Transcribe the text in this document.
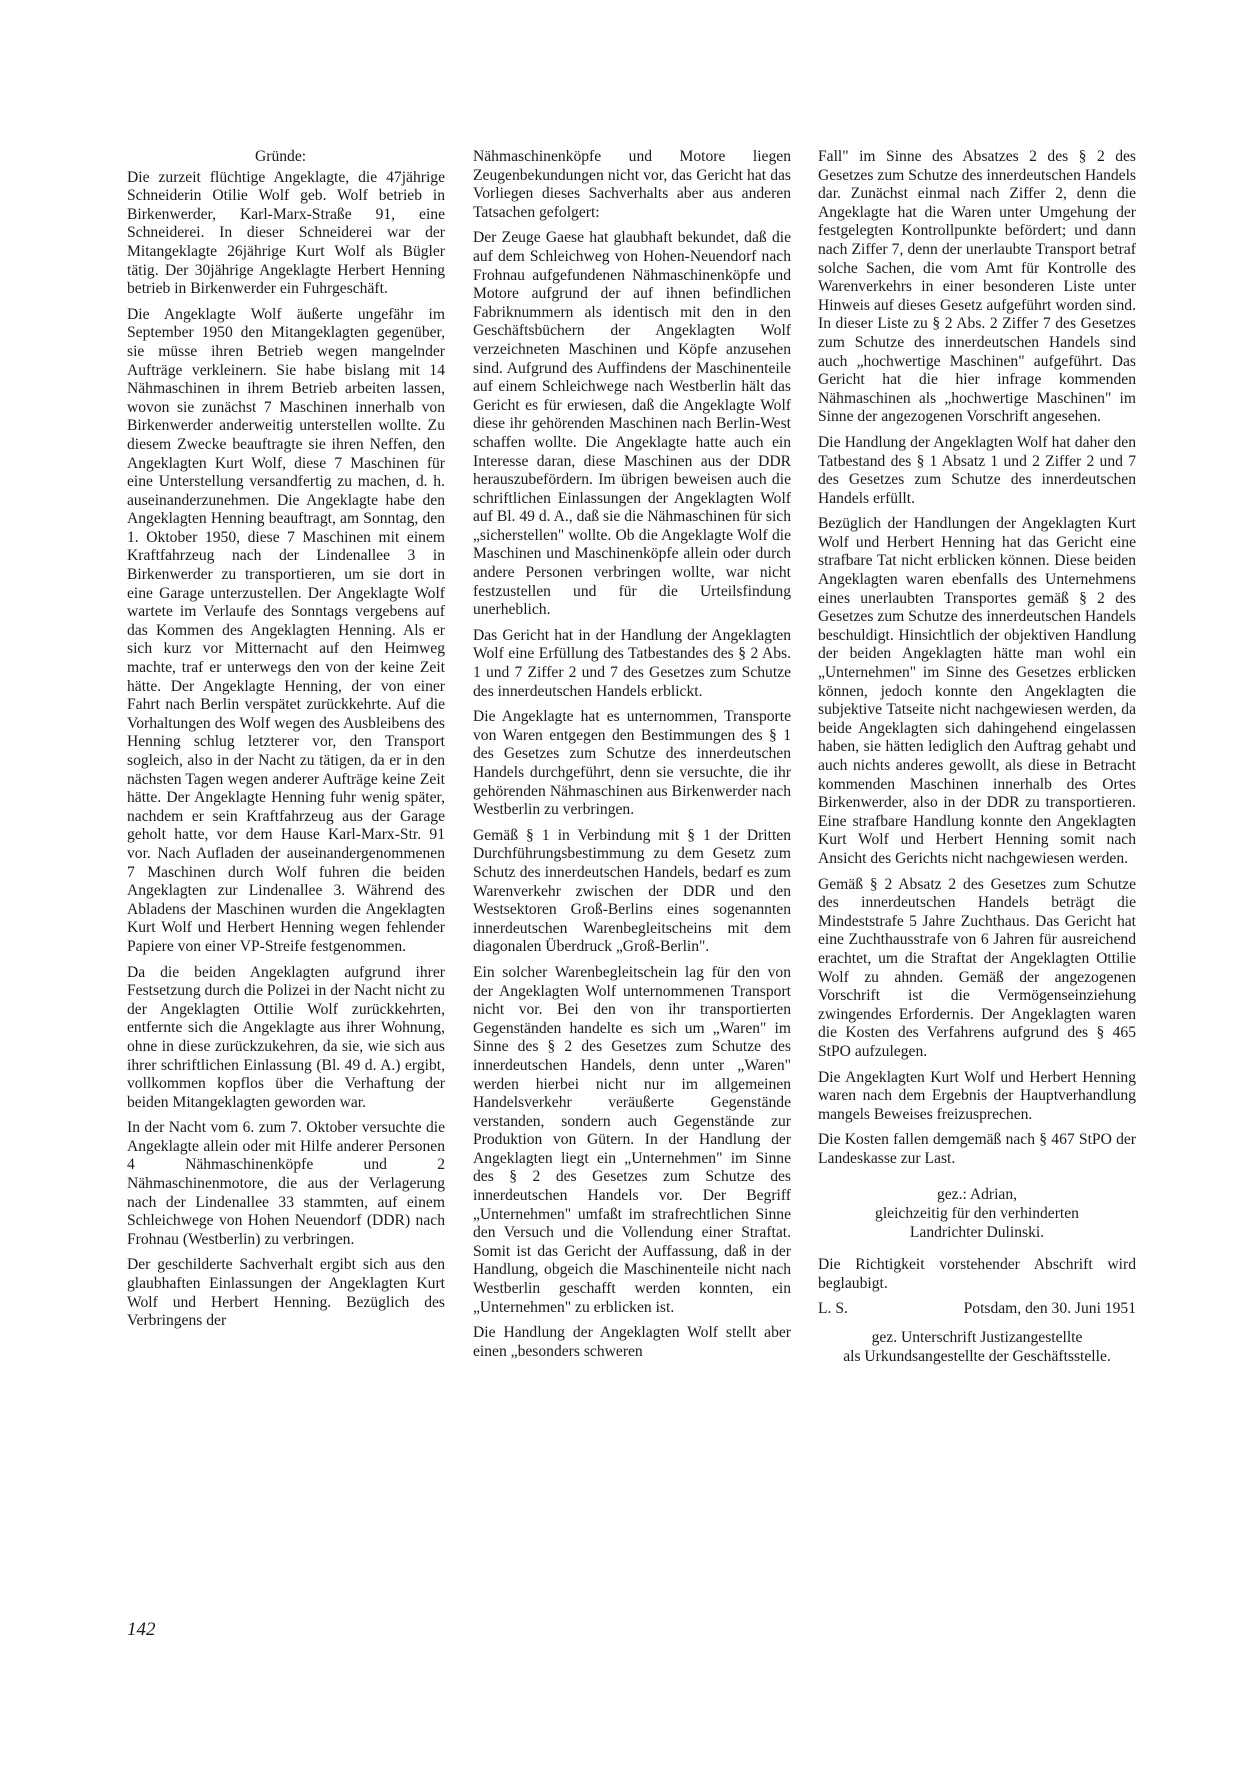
Gründe:

Die zurzeit flüchtige Angeklagte, die 47jährige Schneiderin Otilie Wolf geb. Wolf betrieb in Birkenwerder, Karl-Marx-Straße 91, eine Schneiderei. In dieser Schneiderei war der Mitangeklagte 26jährige Kurt Wolf als Bügler tätig. Der 30jährige Angeklagte Herbert Henning betrieb in Birkenwerder ein Fuhrgeschäft.

Die Angeklagte Wolf äußerte ungefähr im September 1950 den Mitangeklagten gegenüber, sie müsse ihren Betrieb wegen mangelnder Aufträge verkleinern. Sie habe bislang mit 14 Nähmaschinen in ihrem Betrieb arbeiten lassen, wovon sie zunächst 7 Maschinen innerhalb von Birkenwerder anderweitig unterstellen wollte. Zu diesem Zwecke beauftragte sie ihren Neffen, den Angeklagten Kurt Wolf, diese 7 Maschinen für eine Unterstellung versandfertig zu machen, d. h. auseinanderzunehmen. Die Angeklagte habe den Angeklagten Henning beauftragt, am Sonntag, den 1. Oktober 1950, diese 7 Maschinen mit einem Kraftfahrzeug nach der Lindenallee 3 in Birkenwerder zu transportieren, um sie dort in eine Garage unterzustellen. Der Angeklagte Wolf wartete im Verlaufe des Sonntags vergebens auf das Kommen des Angeklagten Henning. Als er sich kurz vor Mitternacht auf den Heimweg machte, traf er unterwegs den von der keine Zeit hätte. Der Angeklagte Henning, der von einer Fahrt nach Berlin verspätet zurückkehrte. Auf die Vorhaltungen des Wolf wegen des Ausbleibens des Henning schlug letzterer vor, den Transport sogleich, also in der Nacht zu tätigen, da er in den nächsten Tagen wegen anderer Aufträge keine Zeit hätte. Der Angeklagte Henning fuhr wenig später, nachdem er sein Kraftfahrzeug aus der Garage geholt hatte, vor dem Hause Karl-Marx-Str. 91 vor. Nach Aufladen der auseinandergenommenen 7 Maschinen durch Wolf fuhren die beiden Angeklagten zur Lindenallee 3. Während des Abladens der Maschinen wurden die Angeklagten Kurt Wolf und Herbert Henning wegen fehlender Papiere von einer VP-Streife festgenommen.

Da die beiden Angeklagten aufgrund ihrer Festsetzung durch die Polizei in der Nacht nicht zu der Angeklagten Ottilie Wolf zurückkehrten, entfernte sich die Angeklagte aus ihrer Wohnung, ohne in diese zurückzukehren, da sie, wie sich aus ihrer schriftlichen Einlassung (Bl. 49 d. A.) ergibt, vollkommen kopflos über die Verhaftung der beiden Mitangeklagten geworden war.

In der Nacht vom 6. zum 7. Oktober versuchte die Angeklagte allein oder mit Hilfe anderer Personen 4 Nähmaschinenköpfe und 2 Nähmaschinenmotore, die aus der Verlagerung nach der Lindenallee 33 stammten, auf einem Schleichwege von Hohen Neuendorf (DDR) nach Frohnau (Westberlin) zu verbringen.

Der geschilderte Sachverhalt ergibt sich aus den glaubhaften Einlassungen der Angeklagten Kurt Wolf und Herbert Henning. Bezüglich des Verbringens der

Nähmaschinenköpfe und Motore liegen Zeugenbekundungen nicht vor, das Gericht hat das Vorliegen dieses Sachverhalts aber aus anderen Tatsachen gefolgert:

Der Zeuge Gaese hat glaubhaft bekundet, daß die auf dem Schleichweg von Hohen-Neuendorf nach Frohnau aufgefundenen Nähmaschinenköpfe und Motore aufgrund der auf ihnen befindlichen Fabriknummern als identisch mit den in den Geschäftsbüchern der Angeklagten Wolf verzeichneten Maschinen und Köpfe anzusehen sind. Aufgrund des Auffindens der Maschinenteile auf einem Schleichwege nach Westberlin hält das Gericht es für erwiesen, daß die Angeklagte Wolf diese ihr gehörenden Maschinen nach Berlin-West schaffen wollte. Die Angeklagte hatte auch ein Interesse daran, diese Maschinen aus der DDR herauszubefördern. Im übrigen beweisen auch die schriftlichen Einlassungen der Angeklagten Wolf auf Bl. 49 d. A., daß sie die Nähmaschinen für sich „sicherstellen" wollte. Ob die Angeklagte Wolf die Maschinen und Maschinenköpfe allein oder durch andere Personen verbringen wollte, war nicht festzustellen und für die Urteilsfindung unerheblich.

Das Gericht hat in der Handlung der Angeklagten Wolf eine Erfüllung des Tatbestandes des § 2 Abs. 1 und 7 Ziffer 2 und 7 des Gesetzes zum Schutze des innerdeutschen Handels erblickt.

Die Angeklagte hat es unternommen, Transporte von Waren entgegen den Bestimmungen des § 1 des Gesetzes zum Schutze des innerdeutschen Handels durchgeführt, denn sie versuchte, die ihr gehörenden Nähmaschinen aus Birkenwerder nach Westberlin zu verbringen.

Gemäß § 1 in Verbindung mit § 1 der Dritten Durchführungsbestimmung zu dem Gesetz zum Schutz des innerdeutschen Handels, bedarf es zum Warenverkehr zwischen der DDR und den Westsektoren Groß-Berlins eines sogenannten innerdeutschen Warenbegleitscheins mit dem diagonalen Überdruck „Groß-Berlin".

Ein solcher Warenbegleitschein lag für den von der Angeklagten Wolf unternommenen Transport nicht vor. Bei den von ihr transportierten Gegenständen handelte es sich um „Waren" im Sinne des § 2 des Gesetzes zum Schutze des innerdeutschen Handels, denn unter „Waren" werden hierbei nicht nur im allgemeinen Handelsverkehr veräußerte Gegenstände verstanden, sondern auch Gegenstände zur Produktion von Gütern. In der Handlung der Angeklagten liegt ein „Unternehmen" im Sinne des § 2 des Gesetzes zum Schutze des innerdeutschen Handels vor. Der Begriff „Unternehmen" umfaßt im strafrechtlichen Sinne den Versuch und die Vollendung einer Straftat. Somit ist das Gericht der Auffassung, daß in der Handlung, obgeich die Maschinenteile nicht nach Westberlin geschafft werden konnten, ein „Unternehmen" zu erblicken ist.

Die Handlung der Angeklagten Wolf stellt aber einen „besonders schweren

Fall" im Sinne des Absatzes 2 des § 2 des Gesetzes zum Schutze des innerdeutschen Handels dar. Zunächst einmal nach Ziffer 2, denn die Angeklagte hat die Waren unter Umgehung der festgelegten Kontrollpunkte befördert; und dann nach Ziffer 7, denn der unerlaubte Transport betraf solche Sachen, die vom Amt für Kontrolle des Warenverkehrs in einer besonderen Liste unter Hinweis auf dieses Gesetz aufgeführt worden sind. In dieser Liste zu § 2 Abs. 2 Ziffer 7 des Gesetzes zum Schutze des innerdeutschen Handels sind auch „hochwertige Maschinen" aufgeführt. Das Gericht hat die hier infrage kommenden Nähmaschinen als „hochwertige Maschinen" im Sinne der angezogenen Vorschrift angesehen.

Die Handlung der Angeklagten Wolf hat daher den Tatbestand des § 1 Absatz 1 und 2 Ziffer 2 und 7 des Gesetzes zum Schutze des innerdeutschen Handels erfüllt.

Bezüglich der Handlungen der Angeklagten Kurt Wolf und Herbert Henning hat das Gericht eine strafbare Tat nicht erblicken können. Diese beiden Angeklagten waren ebenfalls des Unternehmens eines unerlaubten Transportes gemäß § 2 des Gesetzes zum Schutze des innerdeutschen Handels beschuldigt. Hinsichtlich der objektiven Handlung der beiden Angeklagten hätte man wohl ein „Unternehmen" im Sinne des Gesetzes erblicken können, jedoch konnte den Angeklagten die subjektive Tatseite nicht nachgewiesen werden, da beide Angeklagten sich dahingehend eingelassen haben, sie hätten lediglich den Auftrag gehabt und auch nichts anderes gewollt, als diese in Betracht kommenden Maschinen innerhalb des Ortes Birkenwerder, also in der DDR zu transportieren. Eine strafbare Handlung konnte den Angeklagten Kurt Wolf und Herbert Henning somit nach Ansicht des Gerichts nicht nachgewiesen werden.

Gemäß § 2 Absatz 2 des Gesetzes zum Schutze des innerdeutschen Handels beträgt die Mindeststrafe 5 Jahre Zuchthaus. Das Gericht hat eine Zuchthausstrafe von 6 Jahren für ausreichend erachtet, um die Straftat der Angeklagten Ottilie Wolf zu ahnden. Gemäß der angezogenen Vorschrift ist die Vermögenseinziehung zwingendes Erfordernis. Der Angeklagten waren die Kosten des Verfahrens aufgrund des § 465 StPO aufzulegen.

Die Angeklagten Kurt Wolf und Herbert Henning waren nach dem Ergebnis der Hauptverhandlung mangels Beweises freizusprechen.

Die Kosten fallen demgemäß nach § 467 StPO der Landeskasse zur Last.

gez.: Adrian,
gleichzeitig für den verhinderten
Landrichter Dulinski.

Die Richtigkeit vorstehender Abschrift wird beglaubigt.

L. S.	Potsdam, den 30. Juni 1951
gez. Unterschrift Justizangestellte
als Urkundsangestellte der Geschäftsstelle.
142
